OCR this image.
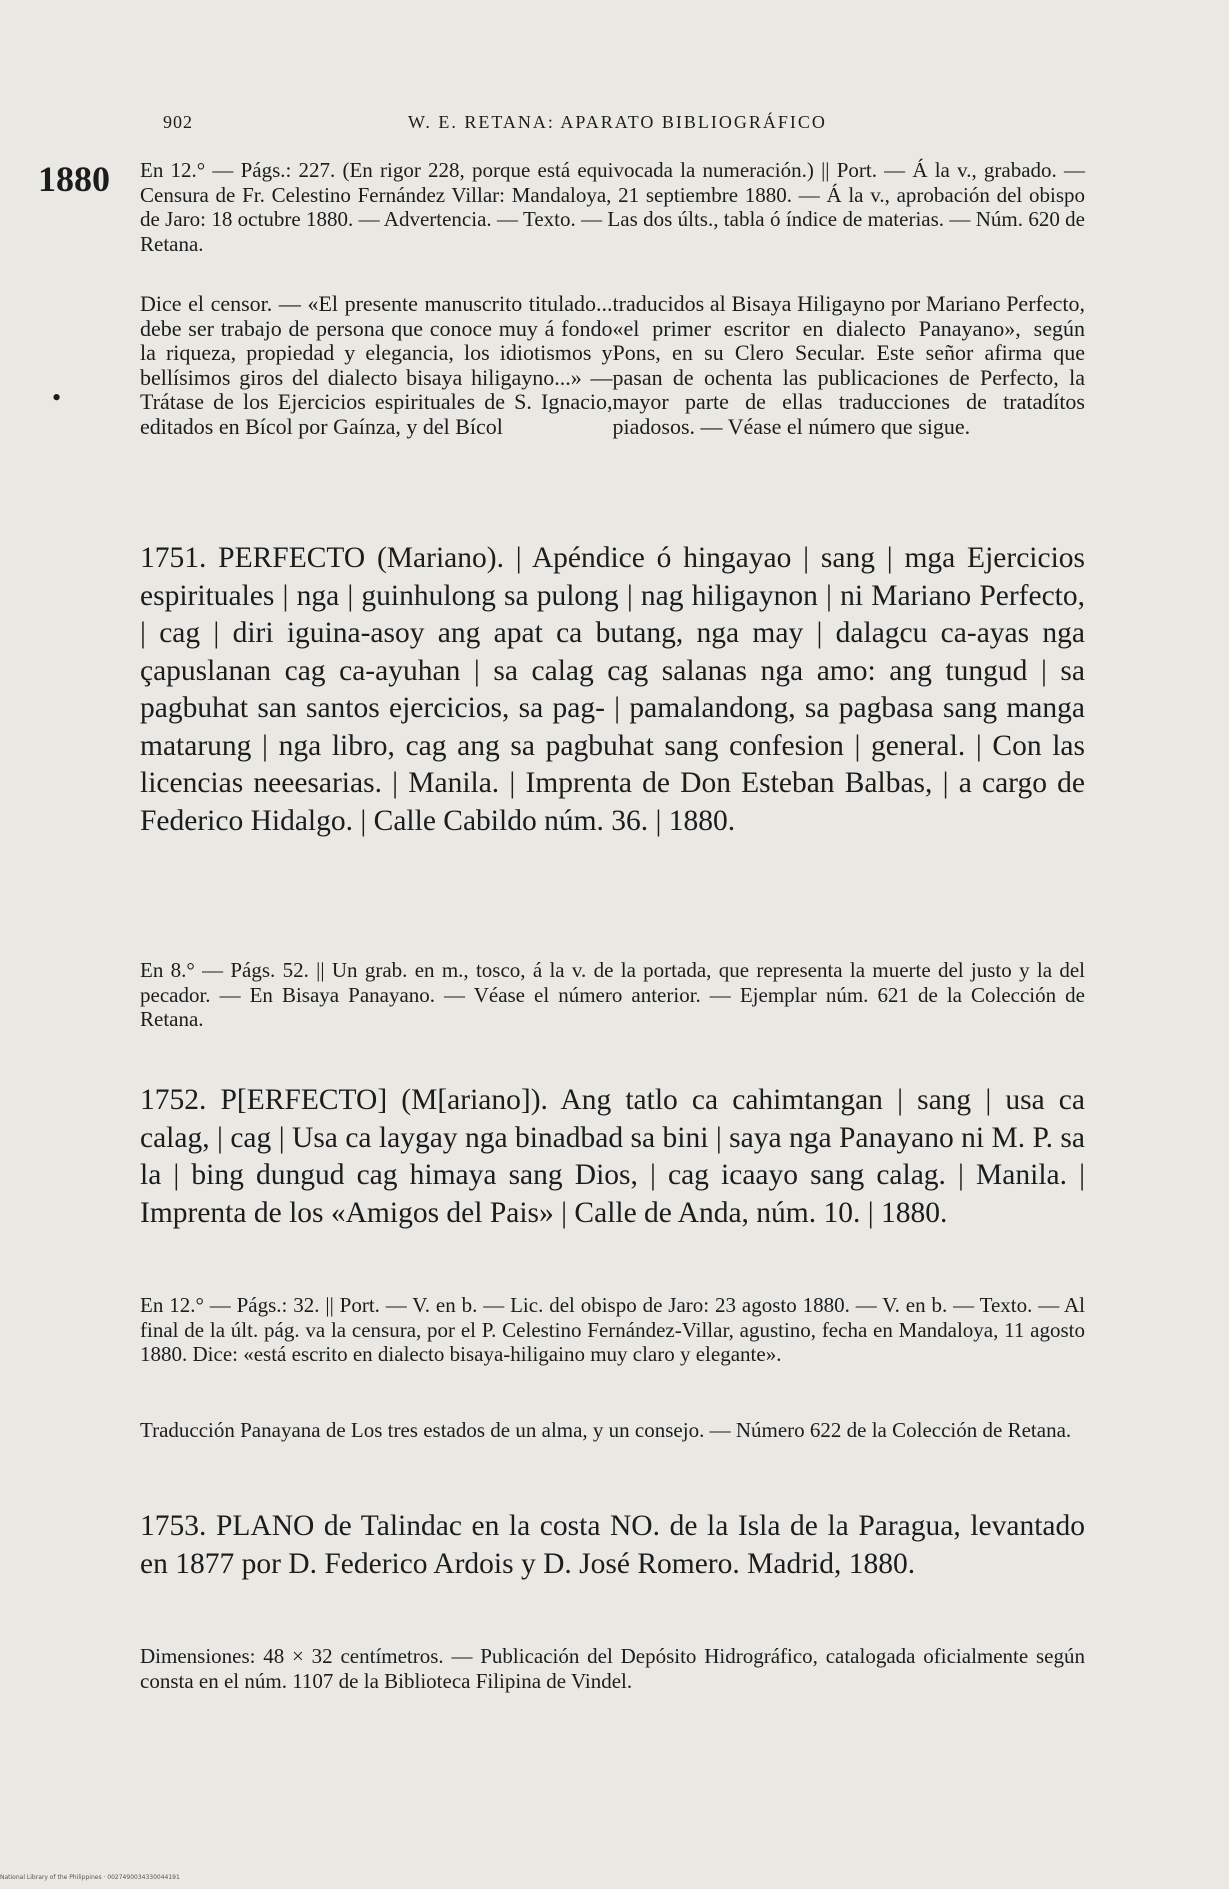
902	W. E. RETANA: APARATO BIBLIOGRÁFICO
1880
•

En 12.° — Págs.: 227. (En rigor 228, porque está equivocada la numeración.) || Port. — Á la v., grabado. — Censura de Fr. Celestino Fernández Villar: Mandaloya, 21 septiembre 1880. — Á la v., aprobación del obispo de Jaro: 18 octubre 1880. — Advertencia. — Texto. — Las dos últs., tabla ó índice de materias. — Núm. 620 de Retana.

Dice el censor. — «El presente manuscrito titulado... debe ser trabajo de persona que conoce muy á fondo la riqueza, propiedad y elegancia, los idiotismos y bellísimos giros del dialecto bisaya hiligayno...» — Trátase de los Ejercicios espirituales de S. Ignacio, editados en Bícol por Gaínza, y del Bícol

traducidos al Bisaya Hiligayno por Mariano Perfecto, «el primer escritor en dialecto Panayano», según Pons, en su Clero Secular. Este señor afirma que pasan de ochenta las publicaciones de Perfecto, la mayor parte de ellas traducciones de tratadítos piadosos. — Véase el número que sigue.

1751. PERFECTO (Mariano). | Apéndice ó hingayao | sang | mga Ejercicios espirituales | nga | guinhulong sa pulong | nag hiligaynon | ni Mariano Perfecto, | cag | diri iguina-asoy ang apat ca butang, nga may | dalagcu ca-ayas nga çapuslanan cag ca-ayuhan | sa calag cag salanas nga amo: ang tungud | sa pagbuhat san santos ejercicios, sa pag- | pamalandong, sa pagbasa sang manga matarung | nga libro, cag ang sa pagbuhat sang confesion | general. | Con las licencias neeesarias. | Manila. | Imprenta de Don Esteban Balbas, | a cargo de Federico Hidalgo. | Calle Cabildo núm. 36. | 1880.

En 8.° — Págs. 52. || Un grab. en m., tosco, á la v. de la portada, que representa la muerte del justo y la del pecador. — En Bisaya Panayano. — Véase el número anterior. — Ejemplar núm. 621 de la Colección de Retana.

1752. P[ERFECTO] (M[ariano]). Ang tatlo ca cahimtangan | sang | usa ca calag, | cag | Usa ca laygay nga binadbad sa bini | saya nga Panayano ni M. P. sa la | bing dungud cag himaya sang Dios, | cag icaayo sang calag. | Manila. | Imprenta de los «Amigos del Pais» | Calle de Anda, núm. 10. | 1880.

En 12.° — Págs.: 32. || Port. — V. en b. — Lic. del obispo de Jaro: 23 agosto 1880. — V. en b. — Texto. — Al final de la últ. pág. va la censura, por el P. Celestino Fernández-Villar, agustino, fecha en Mandaloya, 11 agosto 1880. Dice: «está escrito en dialecto bisaya-hiligaino muy claro y elegante».

Traducción Panayana de Los tres estados de un alma, y un consejo. — Número 622 de la Colección de Retana.

1753. PLANO de Talindac en la costa NO. de la Isla de la Paragua, levantado en 1877 por D. Federico Ardois y D. José Romero. Madrid, 1880.

Dimensiones: 48 × 32 centímetros. — Publicación del Depósito Hidrográfico, catalogada oficialmente según consta en el núm. 1107 de la Biblioteca Filipina de Vindel.

National Library of the Philippines · 0027490034330044191
